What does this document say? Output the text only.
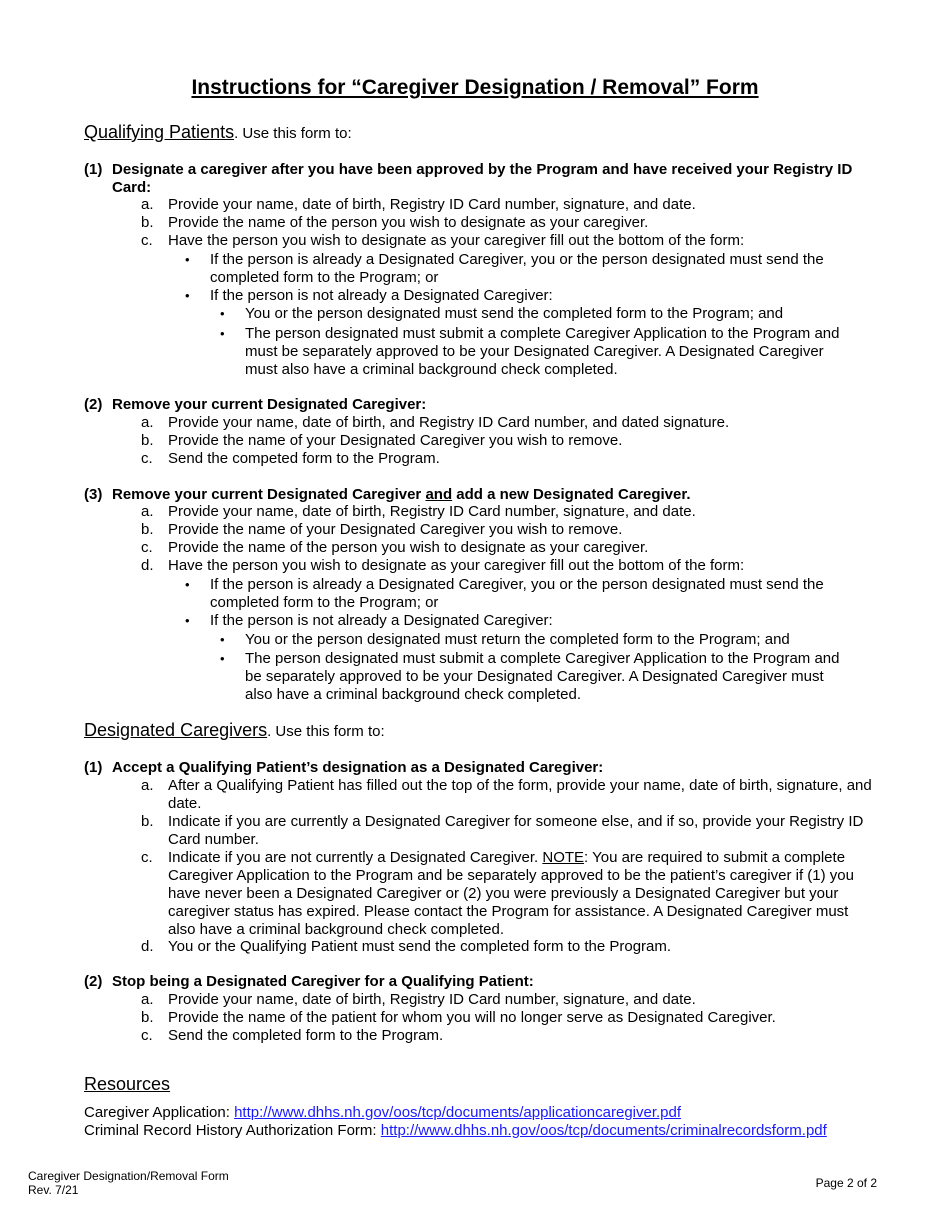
Instructions for “Caregiver Designation / Removal” Form
Qualifying Patients. Use this form to:
(1) Designate a caregiver after you have been approved by the Program and have received your Registry ID Card:
a. Provide your name, date of birth, Registry ID Card number, signature, and date.
b. Provide the name of the person you wish to designate as your caregiver.
c. Have the person you wish to designate as your caregiver fill out the bottom of the form:
• If the person is already a Designated Caregiver, you or the person designated must send the completed form to the Program; or
• If the person is not already a Designated Caregiver:
• You or the person designated must send the completed form to the Program; and
• The person designated must submit a complete Caregiver Application to the Program and must be separately approved to be your Designated Caregiver. A Designated Caregiver must also have a criminal background check completed.
(2) Remove your current Designated Caregiver:
a. Provide your name, date of birth, and Registry ID Card number, and dated signature.
b. Provide the name of your Designated Caregiver you wish to remove.
c. Send the competed form to the Program.
(3) Remove your current Designated Caregiver and add a new Designated Caregiver.
a. Provide your name, date of birth, Registry ID Card number, signature, and date.
b. Provide the name of your Designated Caregiver you wish to remove.
c. Provide the name of the person you wish to designate as your caregiver.
d. Have the person you wish to designate as your caregiver fill out the bottom of the form:
• If the person is already a Designated Caregiver, you or the person designated must send the completed form to the Program; or
• If the person is not already a Designated Caregiver:
• You or the person designated must return the completed form to the Program; and
• The person designated must submit a complete Caregiver Application to the Program and be separately approved to be your Designated Caregiver. A Designated Caregiver must also have a criminal background check completed.
Designated Caregivers. Use this form to:
(1) Accept a Qualifying Patient’s designation as a Designated Caregiver:
a. After a Qualifying Patient has filled out the top of the form, provide your name, date of birth, signature, and date.
b. Indicate if you are currently a Designated Caregiver for someone else, and if so, provide your Registry ID Card number.
c. Indicate if you are not currently a Designated Caregiver. NOTE: You are required to submit a complete Caregiver Application to the Program and be separately approved to be the patient’s caregiver if (1) you have never been a Designated Caregiver or (2) you were previously a Designated Caregiver but your caregiver status has expired. Please contact the Program for assistance. A Designated Caregiver must also have a criminal background check completed.
d. You or the Qualifying Patient must send the completed form to the Program.
(2) Stop being a Designated Caregiver for a Qualifying Patient:
a. Provide your name, date of birth, Registry ID Card number, signature, and date.
b. Provide the name of the patient for whom you will no longer serve as Designated Caregiver.
c. Send the completed form to the Program.
Resources
Caregiver Application: http://www.dhhs.nh.gov/oos/tcp/documents/applicationcaregiver.pdf
Criminal Record History Authorization Form: http://www.dhhs.nh.gov/oos/tcp/documents/criminalrecordsform.pdf
Caregiver Designation/Removal Form
Rev. 7/21	Page 2 of 2
